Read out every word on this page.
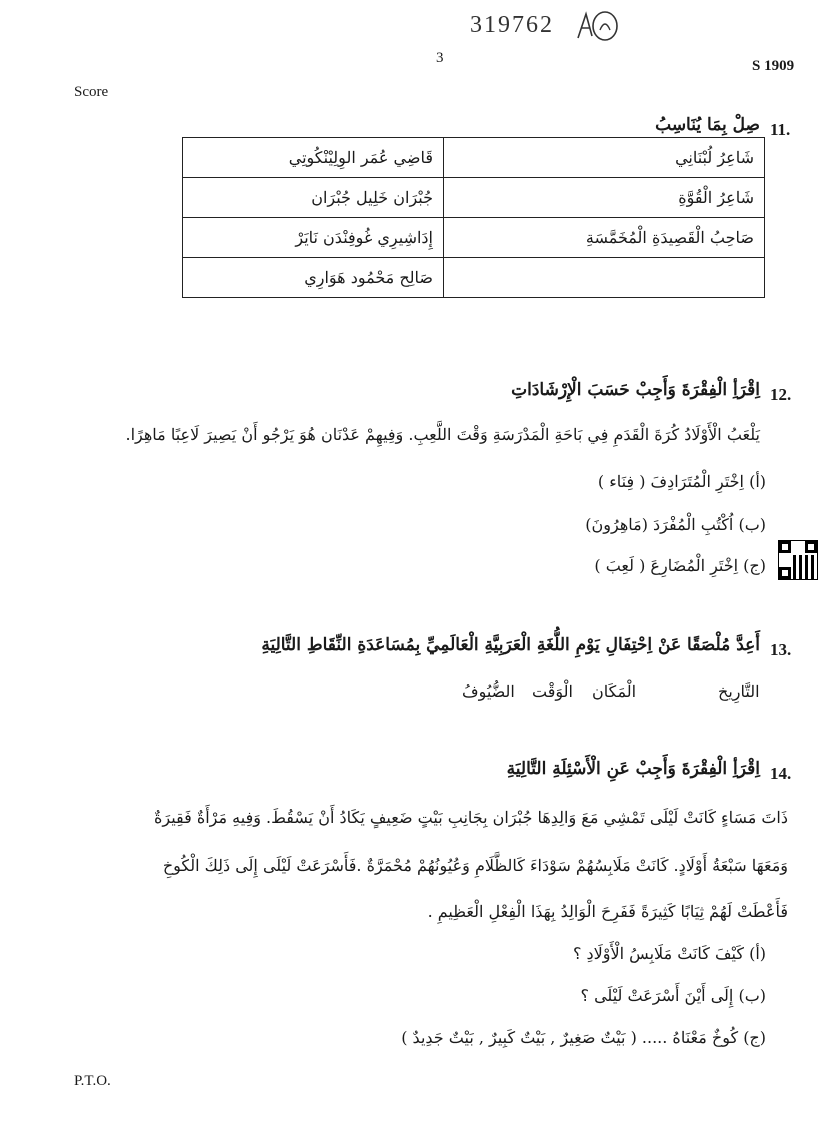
319762
3	S 1909
Score
11.
صِلْ بِمَا يُنَاسِبُ
شَاعِرُ لُبْنَانِي	قَاضِي عُمَر الوِلِيْنْكُوتِي
شَاعِرُ الْقُوَّةِ	جُبْرَان خَلِيل جُبْرَان
صَاحِبُ الْقَصِيدَةِ الْمُخَمَّسَةِ	إِدَاشِيرِي غُوفِنْدَن نَايَرْ
	صَالِح مَحْمُود هَوَارِي
12.
اِقْرَأِ الْفِقْرَةَ وَأَجِبْ حَسَبَ الْإِرْشَادَاتِ
يَلْعَبُ الْأَوْلَادُ كُرَةَ الْقَدَمِ فِي بَاحَةِ الْمَدْرَسَةِ وَقْتَ اللَّعِبِ. وَفِيهِمْ عَدْنَان هُوَ يَرْجُو أَنْ يَصِيرَ لَاعِبًا مَاهِرًا.
(أ) اِخْتَرِ الْمُتَرَادِفَ ( فِنَاء )
(ب) اُكْتُبِ الْمُفْرَدَ (مَاهِرُونَ)
(ج) اِخْتَرِ الْمُضَارِعَ ( لَعِبَ )
13.
أَعِدَّ مُلْصَقًا عَنْ اِحْتِفَالِ يَوْمِ اللُّغَةِ الْعَرَبِيَّةِ الْعَالَمِيِّ بِمُسَاعَدَةِ النِّقَاطِ التَّالِيَةِ
التَّارِيخ
الْمَكَان
الْوَقْت
الضُّيُوفُ
14.
اِقْرَأِ الْفِقْرَةَ وَأَجِبْ عَنِ الْأَسْئِلَةِ التَّالِيَةِ
ذَاتَ مَسَاءٍ كَانَتْ لَيْلَى تَمْشِي مَعَ وَالِدِهَا جُبْرَان بِجَانِبِ بَيْتٍ ضَعِيفٍ يَكَادُ أَنْ يَسْقُطَ. وَفِيهِ مَرْأَةٌ فَقِيرَةٌ
وَمَعَهَا سَبْعَةُ أَوْلَادٍ. كَانَتْ مَلَابِسُهُمْ سَوْدَاءَ كَالظَّلَامِ وَعُيُونُهُمْ مُحْمَرَّةٌ .فَأَسْرَعَتْ لَيْلَى إِلَى ذَلِكَ الْكُوخِ
فَأَعْطَتْ لَهُمْ ثِيَابًا كَثِيرَةً فَفَرِحَ الْوَالِدُ بِهَذَا الْفِعْلِ الْعَظِيمِ .
(أ) كَيْفَ كَانَتْ مَلَابِسُ الْأَوْلَادِ ؟
(ب) إِلَى أَيْنَ أَسْرَعَتْ لَيْلَى ؟
(ج) كُوخٌ مَعْنَاهُ ..... ( بَيْتٌ صَغِيرٌ , بَيْتٌ كَبِيرٌ , بَيْتٌ جَدِيدٌ )
P.T.O.
